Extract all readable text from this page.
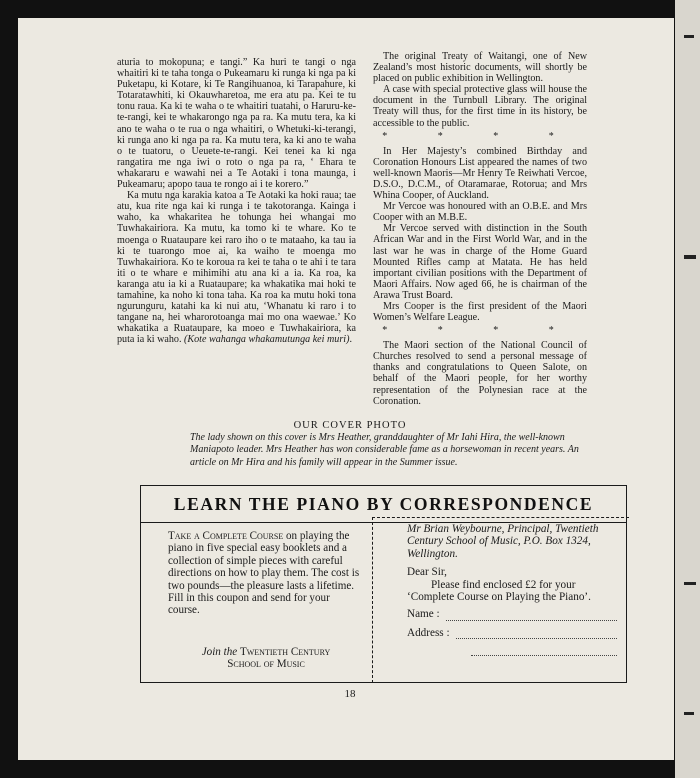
aturia to mokopuna; e tangi.” Ka huri te tangi o nga whaitiri ki te taha tonga o Pukeamaru ki runga ki nga pa ki Puketapu, ki Kotare, ki Te Rangihuanoa, ki Tarapahure, ki Totaratawhiti, ki Okauwharetoa, me era atu pa. Kei te tu tonu raua. Ka ki te waha o te whaitiri tuatahi, o Haruru-ke-te-rangi, kei te whakarongo nga pa ra. Ka mutu tera, ka ki ano te waha o te rua o nga whaitiri, o Whetuki-ki-terangi, ki runga ano ki nga pa ra. Ka mutu tera, ka ki ano te waha o te tuatoru, o Ueuete-te-rangi. Kei tenei ka ki nga rangatira me nga iwi o roto o nga pa ra, ‘ Ehara te whakararu e wawahi nei a Te Aotaki i tona maunga, i Pukeamaru; apopo taua te rongo ai i te korero.”

Ka mutu nga karakia katoa a Te Aotaki ka hoki raua; tae atu, kua rite nga kai ki runga i te takotoranga. Kainga i waho, ka whakaritea he tohunga hei whangai mo Tuwhakairiora. Ka mutu, ka tomo ki te whare. Ko te moenga o Ruataupare kei raro iho o te mataaho, ka tau ia ki te tuarongo moe ai, ka waiho te moenga mo Tuwhakairiora. Ko te koroua ra kei te taha o te ahi i te tara iti o te whare e mihimihi atu ana ki a ia. Ka roa, ka karanga atu ia ki a Ruataupare; ka whakatika mai hoki te tamahine, ka noho ki tona taha. Ka roa ka mutu hoki tona ngurunguru, katahi ka ki nui atu, ‘Whanatu ki raro i to tangane na, hei wharorotoanga mai mo ona waewae.’ Ko whakatika a Ruataupare, ka moeo e Tuwhakairiora, ka puta ia ki waho. (Kote wahanga whakamutunga kei muri).

The original Treaty of Waitangi, one of New Zealand’s most historic documents, will shortly be placed on public exhibition in Wellington.

A case with special protective glass will house the document in the Turnbull Library. The original Treaty will thus, for the first time in its history, be accessible to the public.

* * * *

In Her Majesty’s combined Birthday and Coronation Honours List appeared the names of two well-known Maoris—Mr Henry Te Reiwhati Vercoe, D.S.O., D.C.M., of Otaramarae, Rotorua; and Mrs Whina Cooper, of Auckland.

Mr Vercoe was honoured with an O.B.E. and Mrs Cooper with an M.B.E.

Mr Vercoe served with distinction in the South African War and in the First World War, and in the last war he was in charge of the Home Guard Mounted Rifles camp at Matata. He has held important civilian positions with the Department of Maori Affairs. Now aged 66, he is chairman of the Arawa Trust Board.

Mrs Cooper is the first president of the Maori Women’s Welfare League.

* * * *

The Maori section of the National Council of Churches resolved to send a personal message of thanks and congratulations to Queen Salote, on behalf of the Maori people, for her worthy representation of the Polynesian race at the Coronation.

OUR COVER PHOTO
The lady shown on this cover is Mrs Heather, granddaughter of Mr Iahi Hira, the well-known Maniapoto leader. Mrs Heather has won considerable fame as a horsewoman in recent years. An article on Mr Hira and his family will appear in the Summer issue.
LEARN THE PIANO BY CORRESPONDENCE
Take a Complete Course on playing the piano in five special easy booklets and a collection of simple pieces with careful directions on how to play them. The cost is two pounds—the pleasure lasts a lifetime. Fill in this coupon and send for your course.
Join the Twentieth Century
School of Music
Mr Brian Weybourne, Principal, Twentieth Century School of Music, P.O. Box 1324, Wellington.
Dear Sir,
Please find enclosed £2 for your ‘Complete Course on Playing the Piano’.
Name :
Address :
18
